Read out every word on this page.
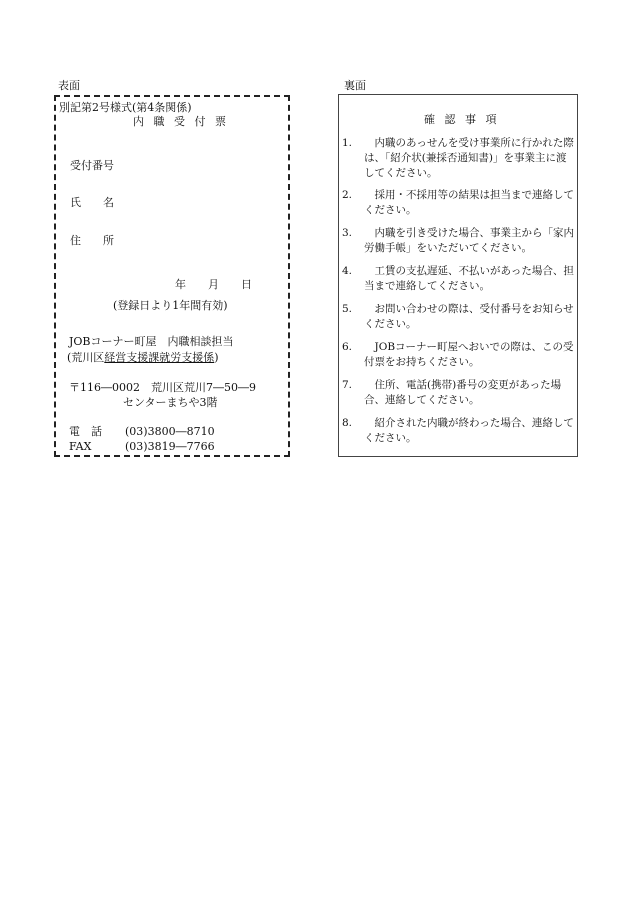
表面
別記第2号様式(第4条関係)
内 職 受 付 票
受付番号
氏　　名
住　　所
年　　月　　日
(登録日より1年間有効)
JOBコーナー町屋　内職相談担当
(荒川区経営支援課就労支援係)
〒116―0002　荒川区荒川7―50―9
センターまちや3階
電　話 (03)3800―8710
FAX	(03)3819―7766
裏面
確 認 事 項
1.	　内職のあっせんを受け事業所に行かれた際は、「紹介状(兼採否通知書)」を事業主に渡してください。
2.	　採用・不採用等の結果は担当まで連絡してください。
3.	　内職を引き受けた場合、事業主から「家内労働手帳」をいただいてください。
4.	　工賃の支払遅延、不払いがあった場合、担当まで連絡してください。
5.	　お問い合わせの際は、受付番号をお知らせください。
6.	　JOBコーナー町屋へおいでの際は、この受付票をお持ちください。
7.	　住所、電話(携帯)番号の変更があった場合、連絡してください。
8.	　紹介された内職が終わった場合、連絡してください。
